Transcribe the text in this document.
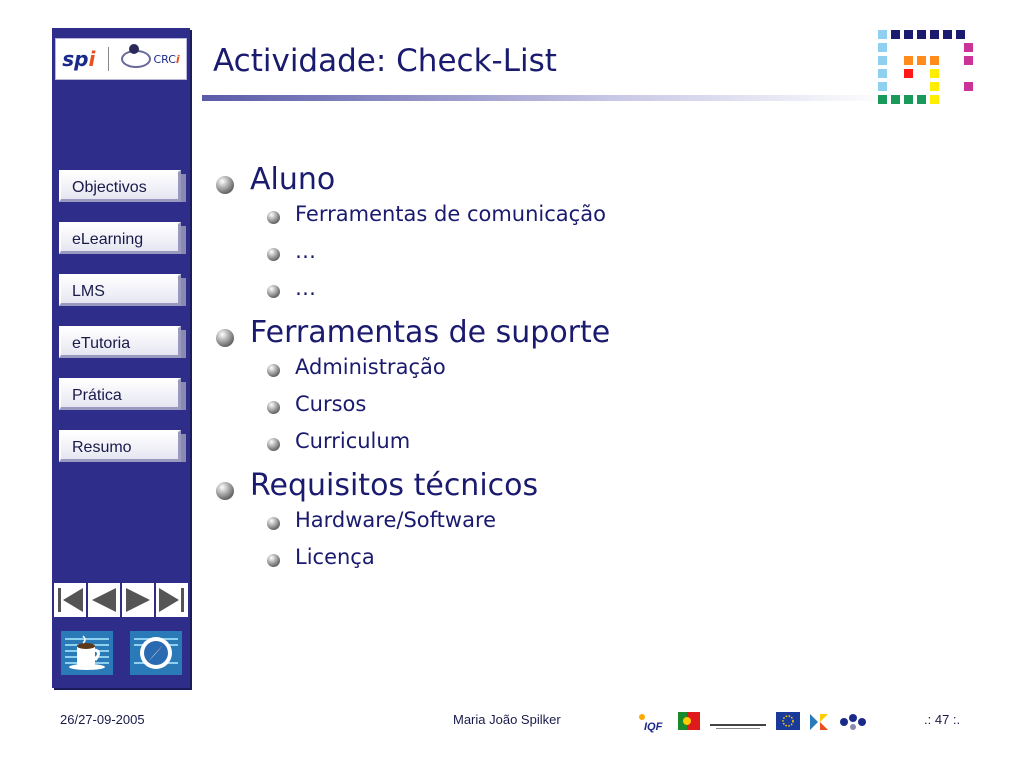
spi	CRCi
Objectivos
eLearning
LMS
eTutoria
Prática
Resumo
Actividade: Check-List
Aluno
Ferramentas de comunicação
…
…
Ferramentas de suporte
Administração
Cursos
Curriculum
Requisitos técnicos
Hardware/Software
Licença
26/27-09-2005	Maria João Spilker	IQF	.: 47 :.
